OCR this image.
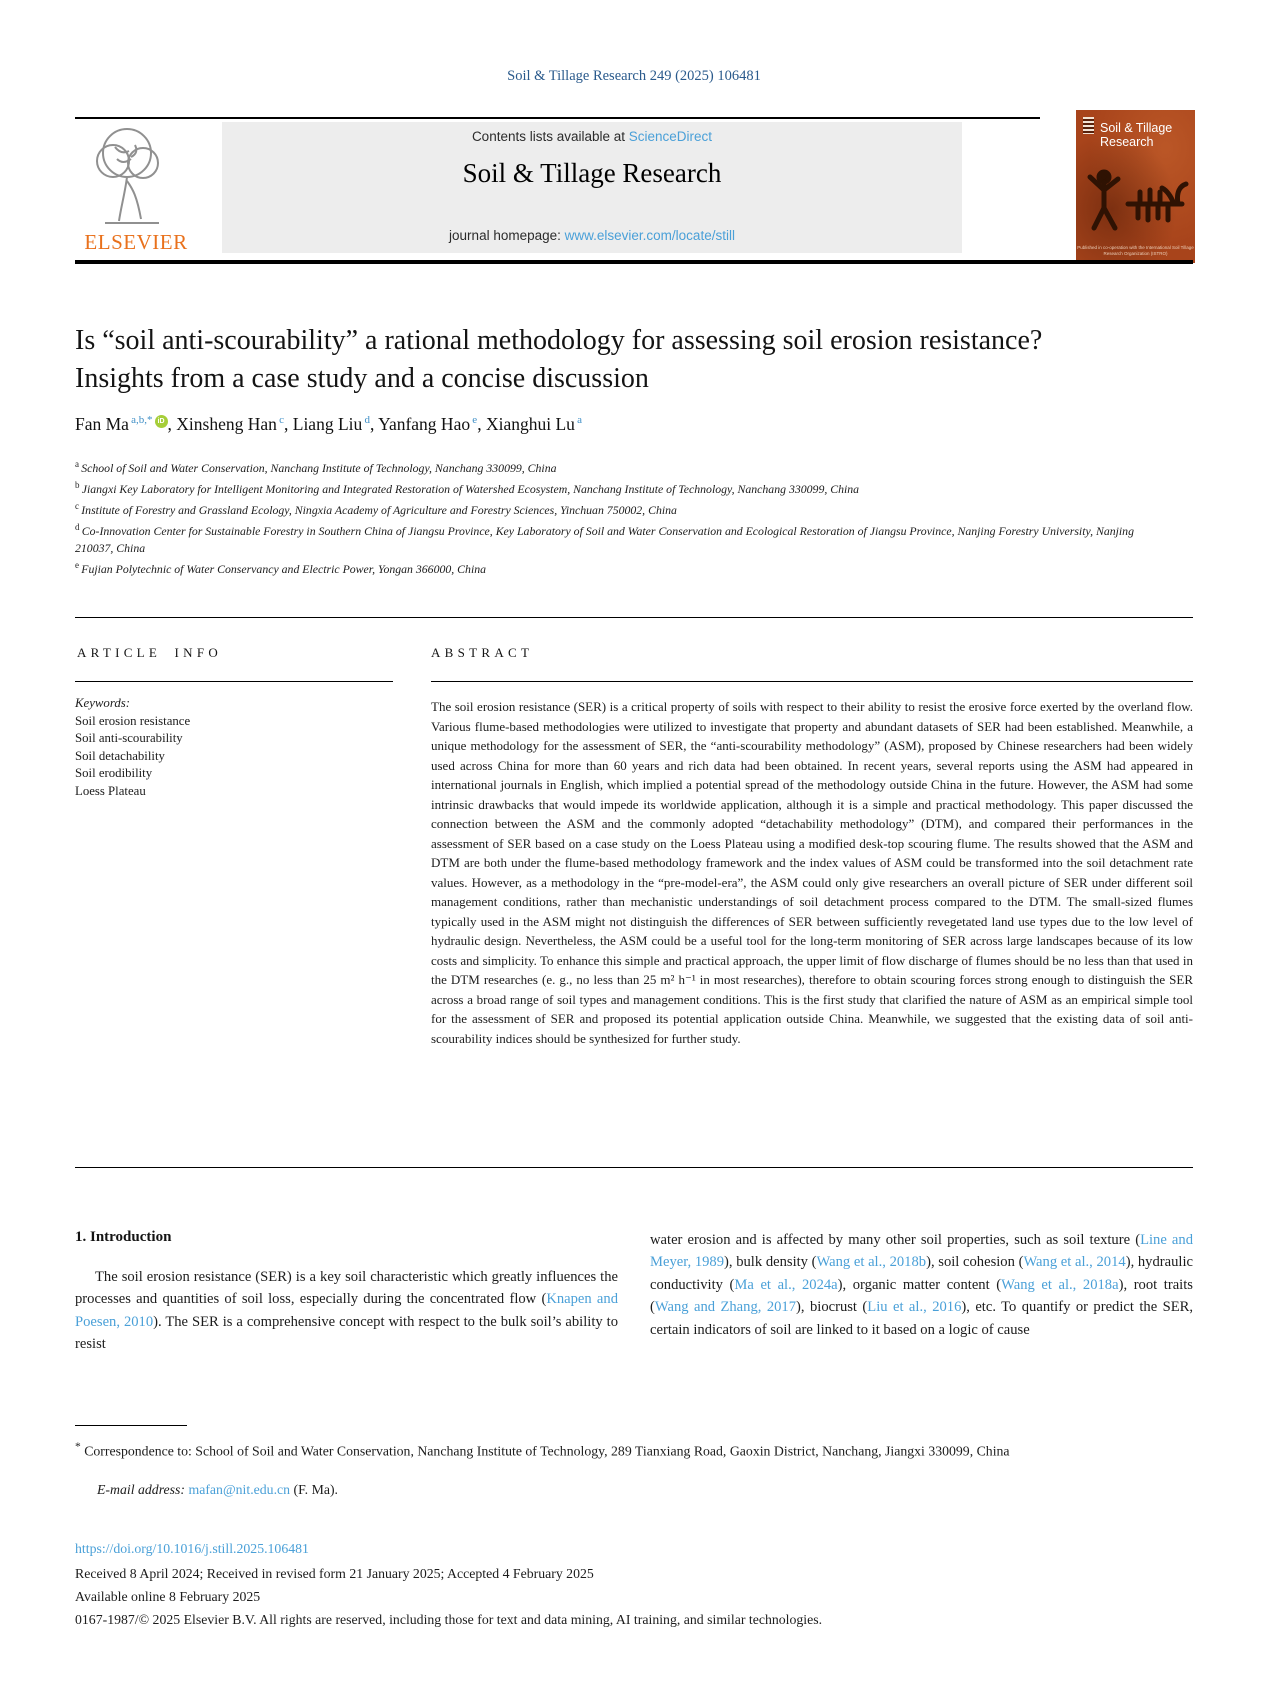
Soil & Tillage Research 249 (2025) 106481
Contents lists available at ScienceDirect
Soil & Tillage Research
journal homepage: www.elsevier.com/locate/still
ELSEVIER
Soil & Tillage
Research
Published in co-operation with the International Soil Tillage Research Organization (ISTRO)
Is “soil anti-scourability” a rational methodology for assessing soil erosion resistance? Insights from a case study and a concise discussion
Fan Ma $^{a,b,*}$ iD , Xinsheng Han $^c$, Liang Liu $^d$, Yanfang Hao $^e$, Xianghui Lu $^a$
$^a$ School of Soil and Water Conservation, Nanchang Institute of Technology, Nanchang 330099, China
$^b$ Jiangxi Key Laboratory for Intelligent Monitoring and Integrated Restoration of Watershed Ecosystem, Nanchang Institute of Technology, Nanchang 330099, China
$^c$ Institute of Forestry and Grassland Ecology, Ningxia Academy of Agriculture and Forestry Sciences, Yinchuan 750002, China
$^d$ Co-Innovation Center for Sustainable Forestry in Southern China of Jiangsu Province, Key Laboratory of Soil and Water Conservation and Ecological Restoration of Jiangsu Province, Nanjing Forestry University, Nanjing 210037, China
$^e$ Fujian Polytechnic of Water Conservancy and Electric Power, Yongan 366000, China
ARTICLE INFO	ABSTRACT
Keywords:
Soil erosion resistance
Soil anti-scourability
Soil detachability
Soil erodibility
Loess Plateau
The soil erosion resistance (SER) is a critical property of soils with respect to their ability to resist the erosive force exerted by the overland flow. Various flume-based methodologies were utilized to investigate that property and abundant datasets of SER had been established. Meanwhile, a unique methodology for the assessment of SER, the “anti-scourability methodology” (ASM), proposed by Chinese researchers had been widely used across China for more than 60 years and rich data had been obtained. In recent years, several reports using the ASM had appeared in international journals in English, which implied a potential spread of the methodology outside China in the future. However, the ASM had some intrinsic drawbacks that would impede its worldwide application, although it is a simple and practical methodology. This paper discussed the connection between the ASM and the commonly adopted “detachability methodology” (DTM), and compared their performances in the assessment of SER based on a case study on the Loess Plateau using a modified desk-top scouring flume. The results showed that the ASM and DTM are both under the flume-based methodology framework and the index values of ASM could be transformed into the soil detachment rate values. However, as a methodology in the “pre-model-era”, the ASM could only give researchers an overall picture of SER under different soil management conditions, rather than mechanistic understandings of soil detachment process compared to the DTM. The small-sized flumes typically used in the ASM might not distinguish the differences of SER between sufficiently revegetated land use types due to the low level of hydraulic design. Nevertheless, the ASM could be a useful tool for the long-term monitoring of SER across large landscapes because of its low costs and simplicity. To enhance this simple and practical approach, the upper limit of flow discharge of flumes should be no less than that used in the DTM researches (e. g., no less than 25 m² h⁻¹ in most researches), therefore to obtain scouring forces strong enough to distinguish the SER across a broad range of soil types and management conditions. This is the first study that clarified the nature of ASM as an empirical simple tool for the assessment of SER and proposed its potential application outside China. Meanwhile, we suggested that the existing data of soil anti-scourability indices should be synthesized for further study.
1. Introduction
The soil erosion resistance (SER) is a key soil characteristic which greatly influences the processes and quantities of soil loss, especially during the concentrated flow (Knapen and Poesen, 2010). The SER is a comprehensive concept with respect to the bulk soil’s ability to resist
water erosion and is affected by many other soil properties, such as soil texture (Line and Meyer, 1989), bulk density (Wang et al., 2018b), soil cohesion (Wang et al., 2014), hydraulic conductivity (Ma et al., 2024a), organic matter content (Wang et al., 2018a), root traits (Wang and Zhang, 2017), biocrust (Liu et al., 2016), etc. To quantify or predict the SER, certain indicators of soil are linked to it based on a logic of cause
* Correspondence to: School of Soil and Water Conservation, Nanchang Institute of Technology, 289 Tianxiang Road, Gaoxin District, Nanchang, Jiangxi 330099, China
E-mail address: mafan@nit.edu.cn (F. Ma).
https://doi.org/10.1016/j.still.2025.106481
Received 8 April 2024; Received in revised form 21 January 2025; Accepted 4 February 2025
Available online 8 February 2025
0167-1987/© 2025 Elsevier B.V. All rights are reserved, including those for text and data mining, AI training, and similar technologies.
